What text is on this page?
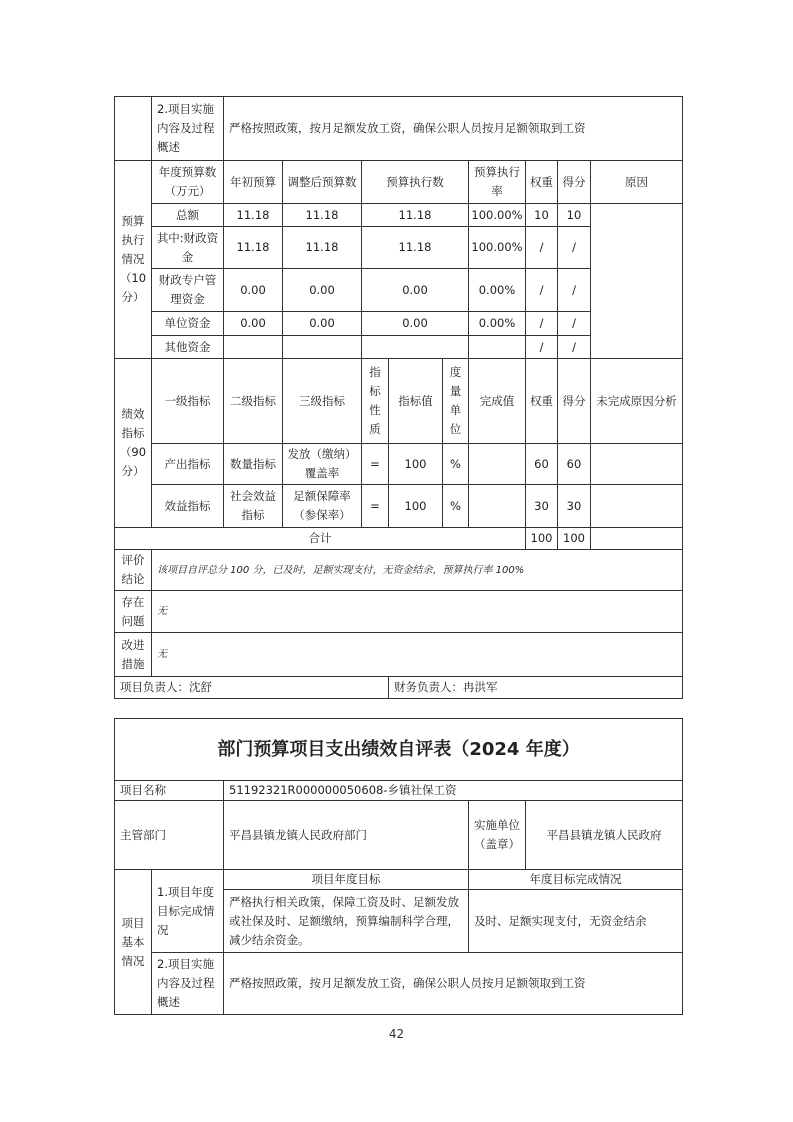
	2.项目实施内容及过程概述	严格按照政策，按月足额发放工资，确保公职人员按月足额领取到工资								
预算执行情况（10分）	年度预算数（万元）	年初预算	调整后预算数	预算执行数			预算执行率	权重	得分	原因
	总额	11.18	11.18	11.18			100.00%	10	10	
	其中:财政资金	11.18	11.18	11.18			100.00%	/	/	
	财政专户管理资金	0.00	0.00	0.00			0.00%	/	/	
	单位资金	0.00	0.00	0.00			0.00%	/	/	
	其他资金							/	/	
绩效指标（90分）	一级指标	二级指标	三级指标	指标性质	指标值	度量单位	完成值	权重	得分	未完成原因分析
	产出指标	数量指标	发放（缴纳）覆盖率	=	100	%		60	60	
	效益指标	社会效益指标	足额保障率（参保率）	=	100	%		30	30	
合计								100	100	
评价结论	该项目自评总分 100 分，已及时，足额实现支付，无资金结余，预算执行率 100%									
存在问题	无									
改进措施	无									
项目负责人：沈舒					财务负责人：冉洪军					
部门预算项目支出绩效自评表（2024 年度）				
项目名称		51192321R000000050608-乡镇社保工资		
主管部门		平昌县镇龙镇人民政府部门	实施单位（盖章）	平昌县镇龙镇人民政府
项目基本情况	1.项目年度目标完成情况	项目年度目标	年度目标完成情况	
		严格执行相关政策，保障工资及时、足额发放或社保及时、足额缴纳，预算编制科学合理，减少结余资金。	及时、足额实现支付，无资金结余	
	2.项目实施内容及过程概述	严格按照政策，按月足额发放工资，确保公职人员按月足额领取到工资		
42
